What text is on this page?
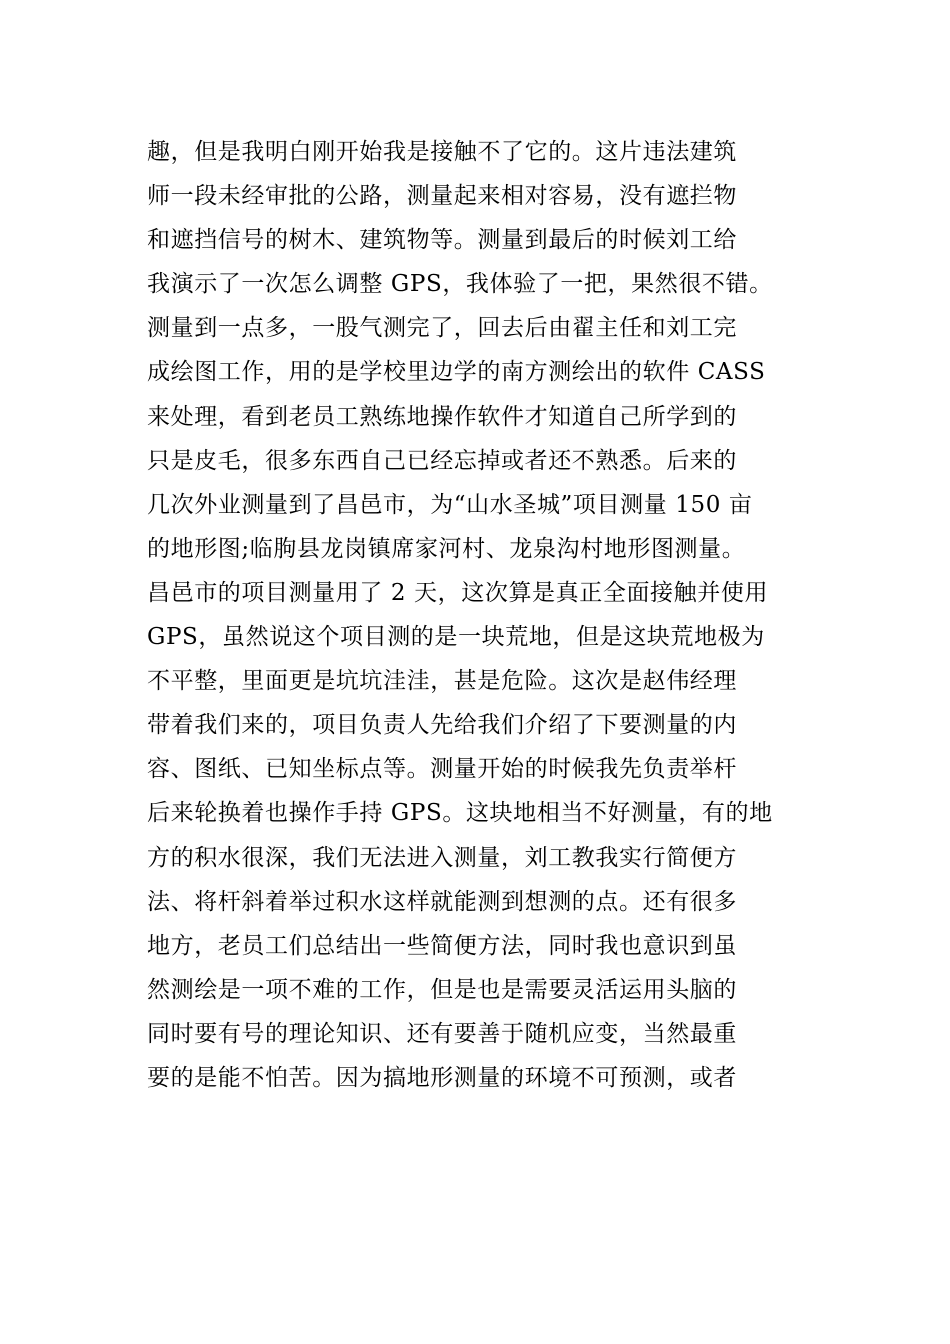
趣，但是我明白刚开始我是接触不了它的。这片违法建筑
师一段未经审批的公路，测量起来相对容易，没有遮拦物
和遮挡信号的树木、建筑物等。测量到最后的时候刘工给
我演示了一次怎么调整 GPS，我体验了一把，果然很不错。
测量到一点多，一股气测完了，回去后由翟主任和刘工完
成绘图工作，用的是学校里边学的南方测绘出的软件 CASS
来处理，看到老员工熟练地操作软件才知道自己所学到的
只是皮毛，很多东西自己已经忘掉或者还不熟悉。后来的
几次外业测量到了昌邑市，为“山水圣城”项目测量 150 亩
的地形图;临朐县龙岗镇席家河村、龙泉沟村地形图测量。
昌邑市的项目测量用了 2 天，这次算是真正全面接触并使用
GPS，虽然说这个项目测的是一块荒地，但是这块荒地极为
不平整，里面更是坑坑洼洼，甚是危险。这次是赵伟经理
带着我们来的，项目负责人先给我们介绍了下要测量的内
容、图纸、已知坐标点等。测量开始的时候我先负责举杆
后来轮换着也操作手持 GPS。这块地相当不好测量，有的地
方的积水很深，我们无法进入测量，刘工教我实行简便方
法、将杆斜着举过积水这样就能测到想测的点。还有很多
地方，老员工们总结出一些简便方法，同时我也意识到虽
然测绘是一项不难的工作，但是也是需要灵活运用头脑的
同时要有号的理论知识、还有要善于随机应变，当然最重
要的是能不怕苦。因为搞地形测量的环境不可预测，或者
